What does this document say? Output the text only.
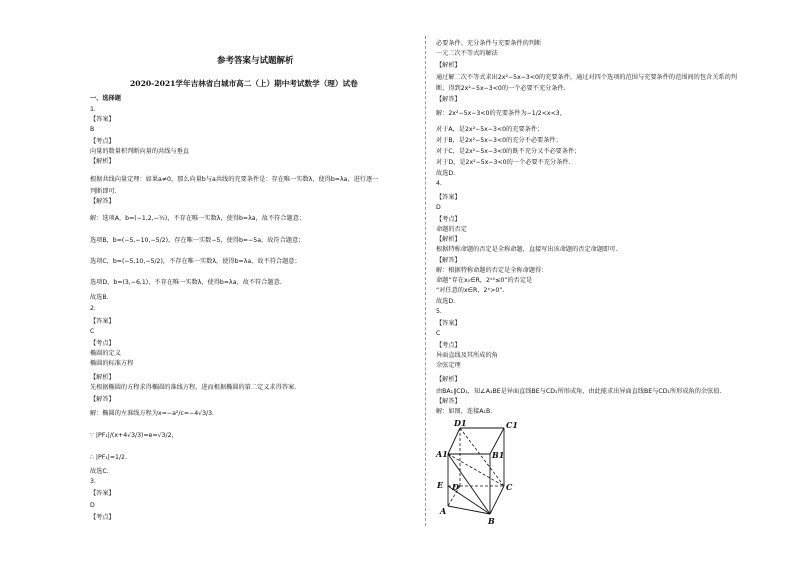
参考答案与试题解析
2020-2021学年吉林省白城市高二（上）期中考试数学（理）试卷
一、选择题
1.
【答案】
B
【考点】
向量的数量积判断向量的共线与垂直
【解析】
根据共线向量定理：如果a≠0，那么向量b与a共线的充要条件是：存在唯一实数λ，使得b=λa，进行逐一
判断即可.
【解答】
解：选项A，b=(−1,2,−½)，不存在唯一实数λ，使得b=λa，故不符合题意；
选项B，b=(−5,−10,−5/2)，存在唯一实数−5，使得b=−5a，故符合题意；
选项C，b=(−5,10,−5/2)，不存在唯一实数λ，使得b=λa，故不符合题意；
选项D，b=(3,−6,1)，不存在唯一实数λ，使得b=λa，故不符合题意.
故选B.
2.
【答案】
C
【考点】
椭圆的定义
椭圆的标准方程
【解析】
先根据椭圆的方程求得椭圆的准线方程，进而根据椭圆的第二定义求得答案.
【解答】
解：椭圆的左准线方程为x=−a²/c=−4√3/3.
∵ |PF₁|/(x+4√3/3)=e=√3/2，
∴ |PF₁|=1/2.
故选C.
3.
【答案】
D
【考点】
必要条件、充分条件与充要条件的判断
一元二次不等式的解法
【解析】
通过解二次不等式求出2x²−5x−3<0的充要条件，通过对四个选项的范围与充要条件的范围间的包含关系的判
断，得到2x²−5x−3<0的一个必要不充分条件.
【解答】
解：2x²−5x−3<0的充要条件为−1/2<x<3，
对于A，是2x²−5x−3<0的充要条件；
对于B，是2x²−5x−3<0的充分不必要条件；
对于C，是2x²−5x−3<0的既不充分又不必要条件；
对于D，是2x²−5x−3<0的一个必要不充分条件.
故选D.
4.
【答案】
D
【考点】
命题的否定
【解析】
根据特称命题的否定是全称命题，直接写出该命题的否定命题即可.
【解答】
解：根据特称命题的否定是全称命题得：
命题“存在x₀∈R，2ˣ⁰≤0”的否定是
“对任意的x∈R，2ˣ>0”.
故选D.
5.
【答案】
C
【考点】
异面直线及其所成的角
余弦定理
【解析】
由BA₁∥CD₁，知∠A₁BE是异面直线BE与CD₁所形成角，由此能求出异面直线BE与CD₁所形成角的余弦值.
【解答】
解：如图，连接A₁B.
D1	C1
A1	B1
E D	C
A
B
